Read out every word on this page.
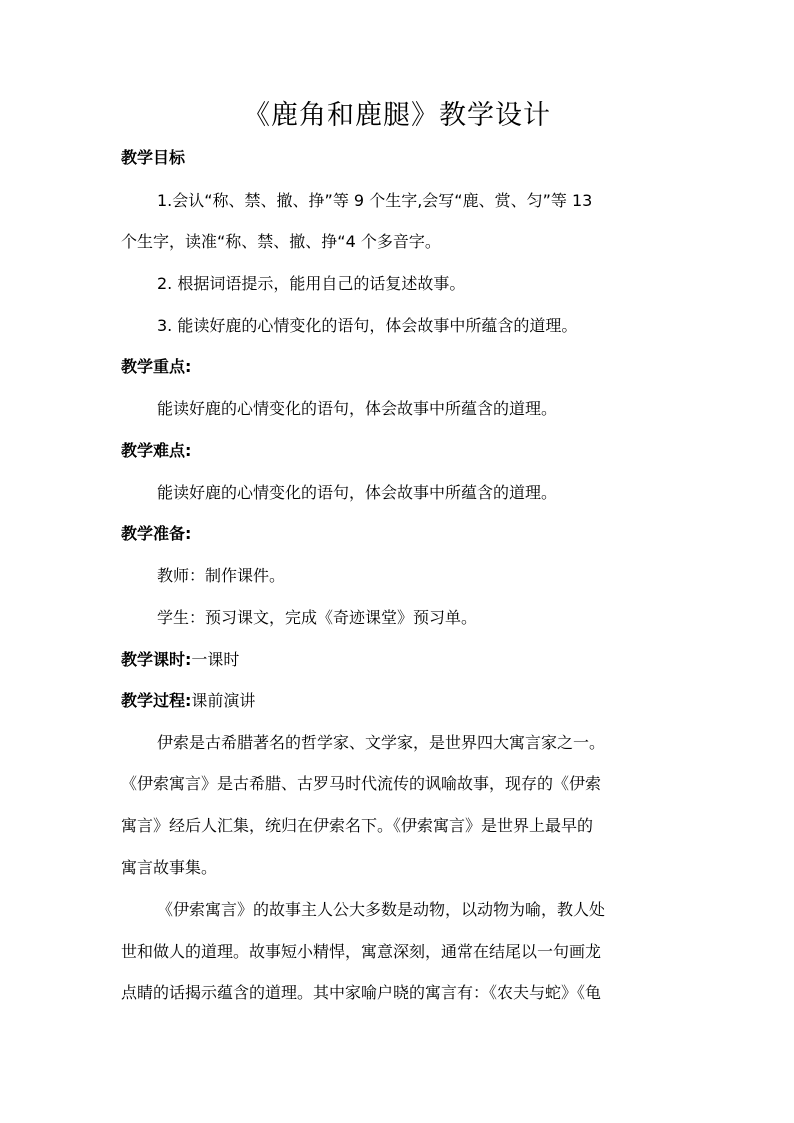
《鹿角和鹿腿》教学设计
教学目标
1.会认“称、禁、撤、挣”等 9 个生字,会写“鹿、赏、匀”等 13
个生字，读准“称、禁、撤、挣“4 个多音字。
2. 根据词语提示，能用自己的话复述故事。
3. 能读好鹿的心情变化的语句，体会故事中所蕴含的道理。
教学重点:
能读好鹿的心情变化的语句，体会故事中所蕴含的道理。
教学难点:
能读好鹿的心情变化的语句，体会故事中所蕴含的道理。
教学准备:
教师：制作课件。
学生：预习课文，完成《奇迹课堂》预习单。
教学课时:一课时
教学过程:课前演讲
伊索是古希腊著名的哲学家、文学家，是世界四大寓言家之一。
《伊索寓言》是古希腊、古罗马时代流传的讽喻故事，现存的《伊索
寓言》经后人汇集，统归在伊索名下。《伊索寓言》是世界上最早的
寓言故事集。
《伊索寓言》的故事主人公大多数是动物，以动物为喻，教人处
世和做人的道理。故事短小精悍，寓意深刻，通常在结尾以一句画龙
点睛的话揭示蕴含的道理。其中家喻户晓的寓言有：《农夫与蛇》《龟
